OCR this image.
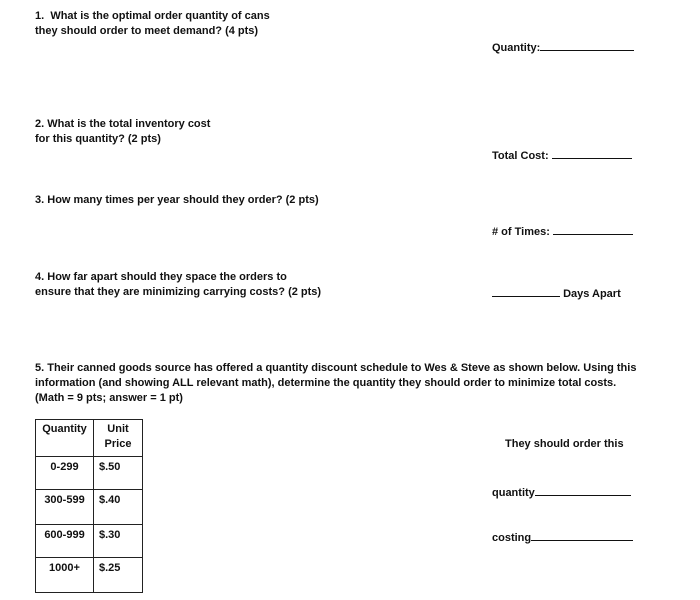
1. What is the optimal order quantity of cans
they should order to meet demand? (4 pts)
Quantity:
2. What is the total inventory cost
for this quantity? (2 pts)
Total Cost:
3. How many times per year should they order? (2 pts)
# of Times:
4. How far apart should they space the orders to
ensure that they are minimizing carrying costs? (2 pts)	Days Apart
5. Their canned goods source has offered a quantity discount schedule to Wes & Steve as shown below. Using this
information (and showing ALL relevant math), determine the quantity they should order to minimize total costs.
(Math = 9 pts; answer = 1 pt)
Quantity	Unit
Price
0-299	$.50
300-599	$.40
600-999	$.30
1000+	$.25
They should order this
quantity
costing
